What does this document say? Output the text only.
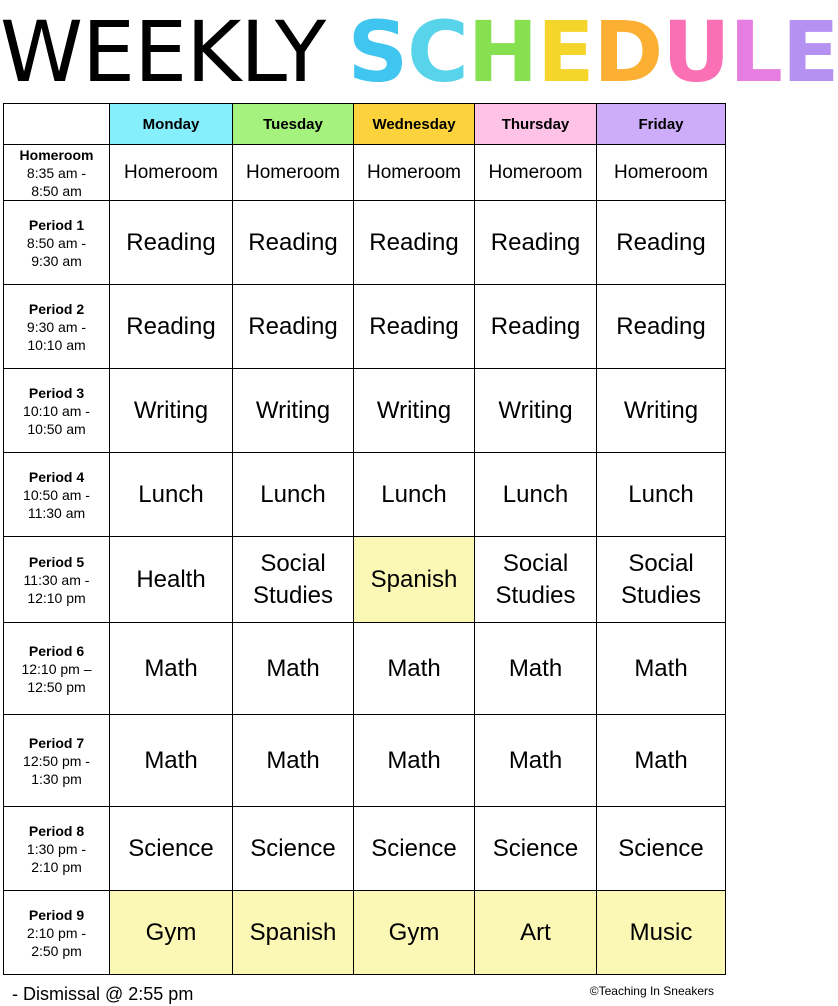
WEEKLY SCHEDULE
	Monday	Tuesday	Wednesday	Thursday	Friday

Homeroom
8:35 am -
8:50 am	Homeroom	Homeroom	Homeroom	Homeroom	Homeroom

Period 1
8:50 am -
9:30 am	Reading	Reading	Reading	Reading	Reading

Period 2
9:30 am -
10:10 am	Reading	Reading	Reading	Reading	Reading

Period 3
10:10 am -
10:50 am	Writing	Writing	Writing	Writing	Writing

Period 4
10:50 am -
11:30 am	Lunch	Lunch	Lunch	Lunch	Lunch

Period 5
11:30 am -
12:10 pm	Health	Social Studies	Spanish	Social Studies	Social Studies

Period 6
12:10 pm –
12:50 pm	Math	Math	Math	Math	Math

Period 7
12:50 pm -
1:30 pm	Math	Math	Math	Math	Math

Period 8
1:30 pm -
2:10 pm	Science	Science	Science	Science	Science

Period 9
2:10 pm -
2:50 pm	Gym	Spanish	Gym	Art	Music
- Dismissal @ 2:55 pm	©Teaching In Sneakers
